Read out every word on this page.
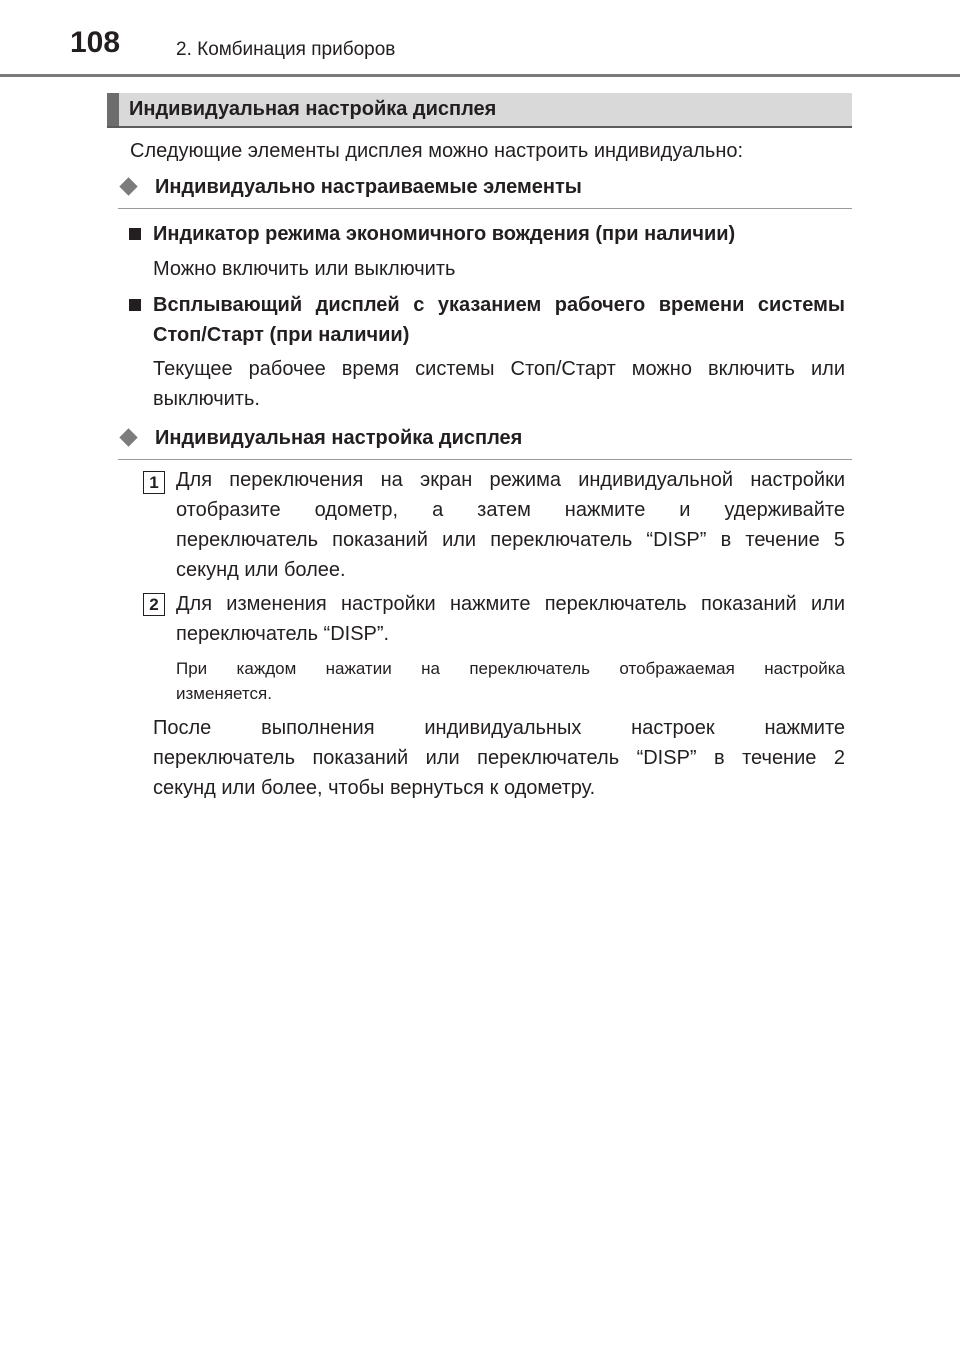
108	2. Комбинация приборов
Индивидуальная настройка дисплея

Следующие элементы дисплея можно настроить индивидуально:

Индивидуально настраиваемые элементы

Индикатор режима экономичного вождения (при наличии)

Можно включить или выключить

Всплывающий дисплей с указанием рабочего времени системы

Стоп/Старт (при наличии)

Текущее рабочее время системы Стоп/Старт можно включить или

выключить.

Индивидуальная настройка дисплея
1 Для переключения на экран режима индивидуальной настройки

отобразите одометр, а затем нажмите и удерживайте

переключатель показаний или переключатель “DISP” в течение 5

секунд или более.

2 Для изменения настройки нажмите переключатель показаний или

переключатель “DISP”.

При каждом нажатии на переключатель отображаемая настройка

изменяется.

После выполнения индивидуальных настроек нажмите

переключатель показаний или переключатель “DISP” в течение 2

секунд или более, чтобы вернуться к одометру.
